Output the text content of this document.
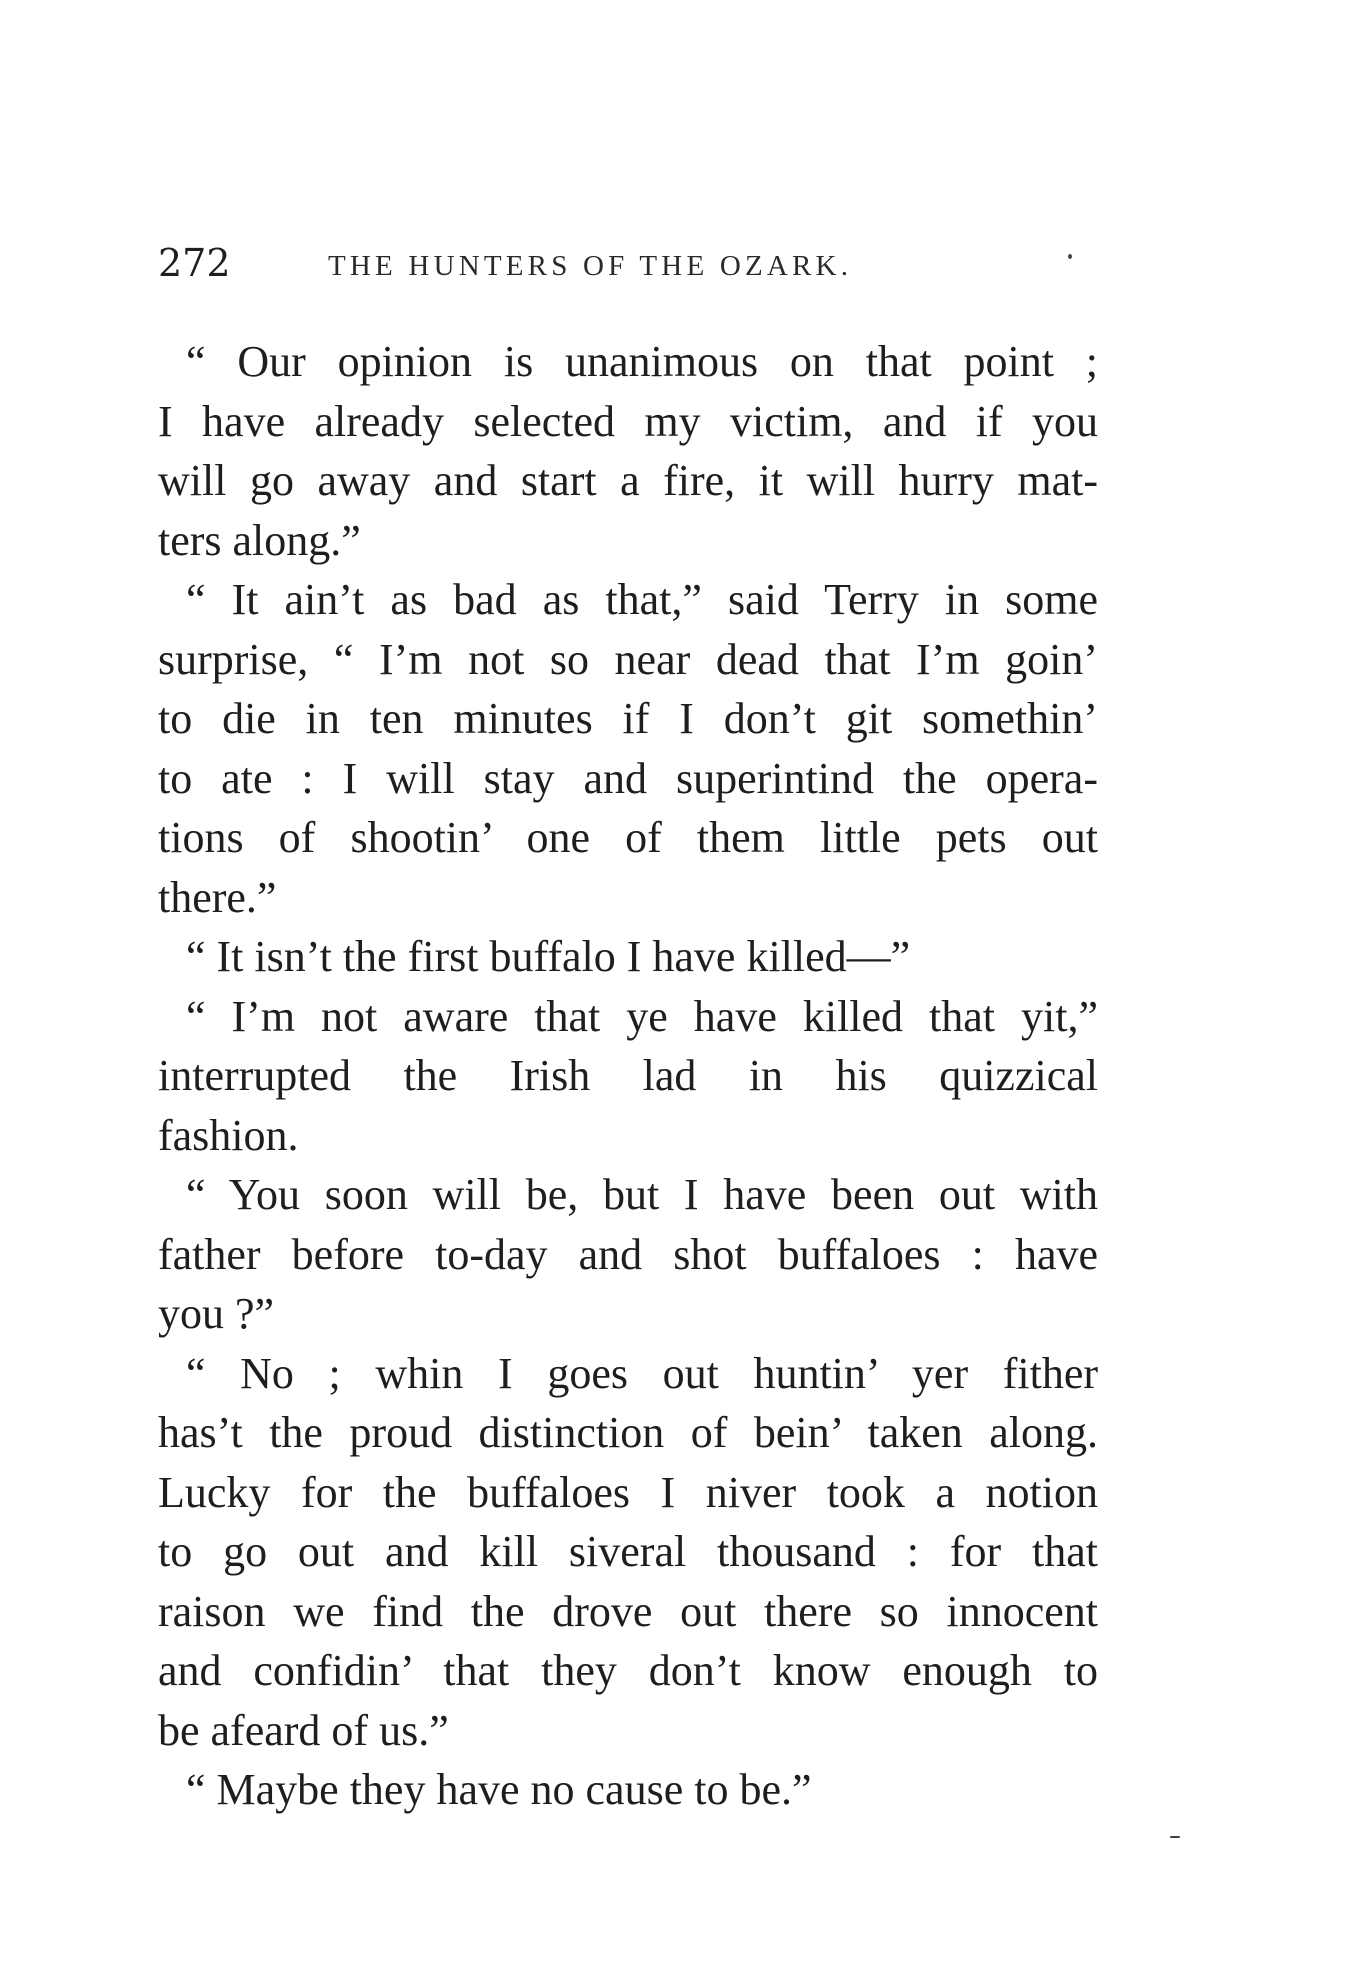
272	THE HUNTERS OF THE OZARK.
“ Our opinion is unanimous on that point ;
I have already selected my victim, and if you
will go away and start a fire, it will hurry mat-
ters along.”
“ It ain’t as bad as that,” said Terry in some
surprise, “ I’m not so near dead that I’m goin’
to die in ten minutes if I don’t git somethin’
to ate : I will stay and superintind the opera-
tions of shootin’ one of them little pets out
there.”
“ It isn’t the first buffalo I have killed—”
“ I’m not aware that ye have killed that yit,”
interrupted the Irish lad in his quizzical
fashion.
“ You soon will be, but I have been out with
father before to-day and shot buffaloes : have
you ?”
“ No ; whin I goes out huntin’ yer fither
has’t the proud distinction of bein’ taken along.
Lucky for the buffaloes I niver took a notion
to go out and kill siveral thousand : for that
raison we find the drove out there so innocent
and confidin’ that they don’t know enough to
be afeard of us.”
“ Maybe they have no cause to be.”
